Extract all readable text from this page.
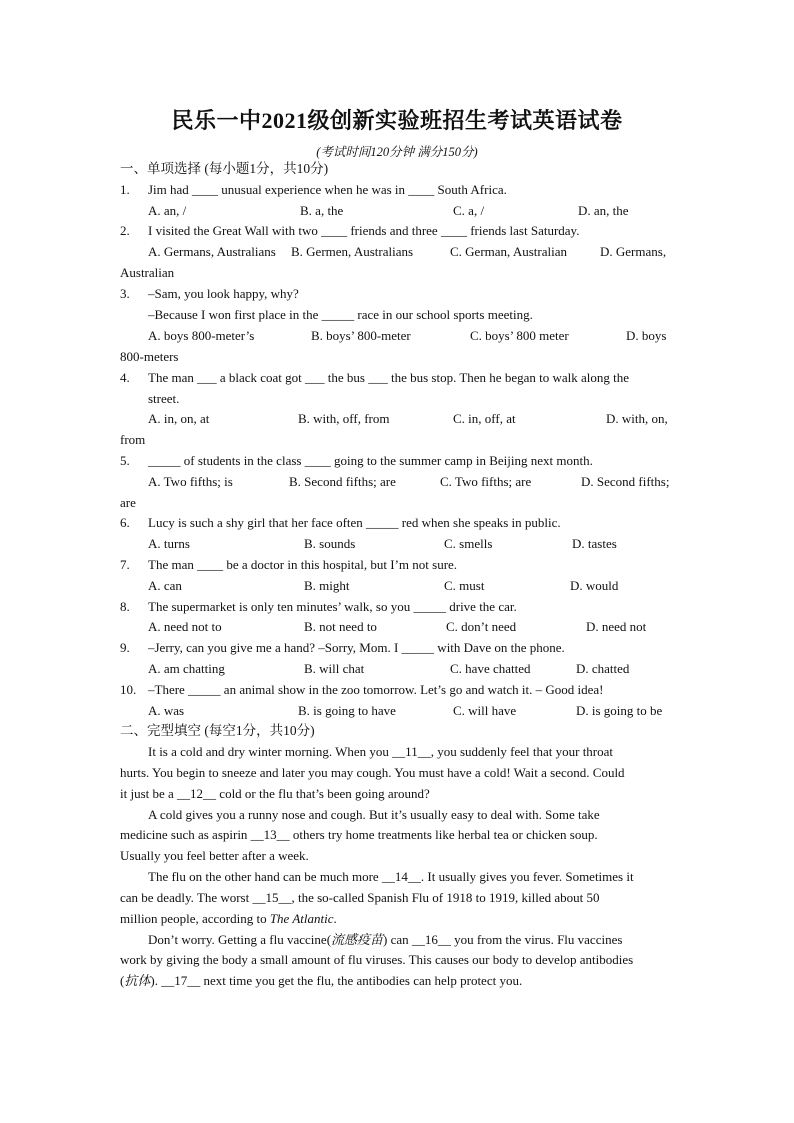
民乐一中2021级创新实验班招生考试英语试卷
(考试时间120分钟 满分150分)
一、单项选择 (每小题1分，共10分)
1. Jim had ____ unusual experience when he was in ____ South Africa.
A. an, /	B. a, the	C. a, /	D. an, the
2. I visited the Great Wall with two ____ friends and three ____ friends last Saturday.
A. Germans, Australians B. Germen, Australians	C. German, Australian	D. Germans,
Australian
3. –Sam, you look happy, why?
–Because I won first place in the _____ race in our school sports meeting.
A. boys 800-meter’s	B. boys’ 800-meter	C. boys’ 800 meter	D. boys
800-meters
4. The man ___ a black coat got ___ the bus ___ the bus stop. Then he began to walk along the
street.
A. in, on, at	B. with, off, from	C. in, off, at	D. with, on,
from
5. _____ of students in the class ____ going to the summer camp in Beijing next month.
A. Two fifths; is	B. Second fifths; are	C. Two fifths; are	D. Second fifths;
are
6. Lucy is such a shy girl that her face often _____ red when she speaks in public.
A. turns	B. sounds	C. smells	D. tastes
7. The man ____ be a doctor in this hospital, but I’m not sure.
A. can	B. might	C. must	D. would
8. The supermarket is only ten minutes’ walk, so you _____ drive the car.
A. need not to	B. not need to	C. don’t need	D. need not
9. –Jerry, can you give me a hand? –Sorry, Mom. I _____ with Dave on the phone.
A. am chatting	B. will chat	C. have chatted	D. chatted
10. –There _____ an animal show in the zoo tomorrow. Let’s go and watch it. – Good idea!
A. was	B. is going to have	C. will have	D. is going to be
二、完型填空 (每空1分，共10分)
It is a cold and dry winter morning. When you __11__, you suddenly feel that your throat
hurts. You begin to sneeze and later you may cough. You must have a cold! Wait a second. Could
it just be a __12__ cold or the flu that’s been going around?
A cold gives you a runny nose and cough. But it’s usually easy to deal with. Some take
medicine such as aspirin __13__ others try home treatments like herbal tea or chicken soup.
Usually you feel better after a week.
The flu on the other hand can be much more __14__. It usually gives you fever. Sometimes it
can be deadly. The worst __15__, the so-called Spanish Flu of 1918 to 1919, killed about 50
million people, according to The Atlantic.
Don’t worry. Getting a flu vaccine(流感疫苗) can __16__ you from the virus. Flu vaccines
work by giving the body a small amount of flu viruses. This causes our body to develop antibodies
(抗体). __17__ next time you get the flu, the antibodies can help protect you.
